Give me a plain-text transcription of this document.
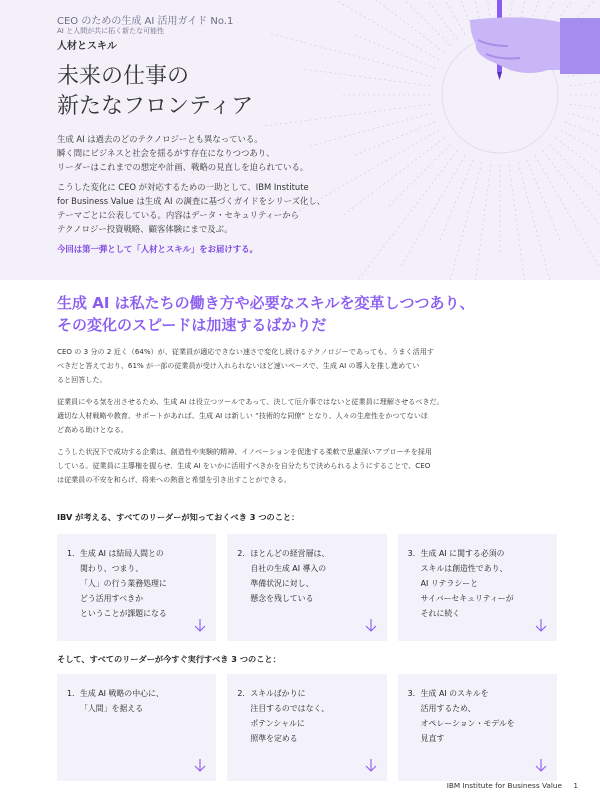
CEO のための生成 AI 活用ガイド No.1
AI と人間が共に拓く新たな可能性
人材とスキル
未来の仕事の
新たなフロンティア

生成 AI は過去のどのテクノロジーとも異なっている。
瞬く間にビジネスと社会を揺るがす存在になりつつあり、
リーダーはこれまでの想定や計画、戦略の見直しを迫られている。

こうした変化に CEO が対応するための一助として、IBM Institute
for Business Value は生成 AI の調査に基づくガイドをシリーズ化し、
テーマごとに公表している。内容はデータ・セキュリティーから
テクノロジー投資戦略、顧客体験にまで及ぶ。

今回は第一弾として「人材とスキル」をお届けする。

生成 AI は私たちの働き方や必要なスキルを変革しつつあり、
その変化のスピードは加速するばかりだ

CEO の 3 分の 2 近く（64%）が、従業員が適応できない速さで変化し続けるテクノロジーであっても、うまく活用す
べきだと答えており、61% が一部の従業員が受け入れられないほど速いペースで、生成 AI の導入を推し進めてい
ると回答した。

従業員にやる気を出させるため、生成 AI は役立つツールであって、決して厄介事ではないと従業員に理解させるべきだ。
適切な人材戦略や教育、サポートがあれば、生成 AI は新しい “技術的な同僚” となり、人々の生産性をかつてないほ
ど高める助けとなる。

こうした状況下で成功する企業は、創造性や実験的精神、イノベーションを促進する柔軟で思慮深いアプローチを採用
している。従業員に主導権を握らせ、生成 AI をいかに活用すべきかを自分たちで決められるようにすることで、CEO
は従業員の不安を和らげ、将来への熱意と希望を引き出すことができる。

IBV が考える、すべてのリーダーが知っておくべき 3 つのこと：
1. 生成 AI は結局人間との
関わり、つまり、
「人」の行う業務処理に
どう活用すべきか
ということが課題になる
2. ほとんどの経営層は、
自社の生成 AI 導入の
準備状況に対し、
懸念を残している
3. 生成 AI に関する必須の
スキルは創造性であり、
AI リテラシーと
サイバーセキュリティーが
それに続く
そして、すべてのリーダーが今すぐ実行すべき 3 つのこと：
1. 生成 AI 戦略の中心に、
「人間」を据える
2. スキルばかりに
注目するのではなく、
ポテンシャルに
照準を定める
3. 生成 AI のスキルを
活用するため、
オペレーション・モデルを
見直す
IBM Institute for Business Value 1
